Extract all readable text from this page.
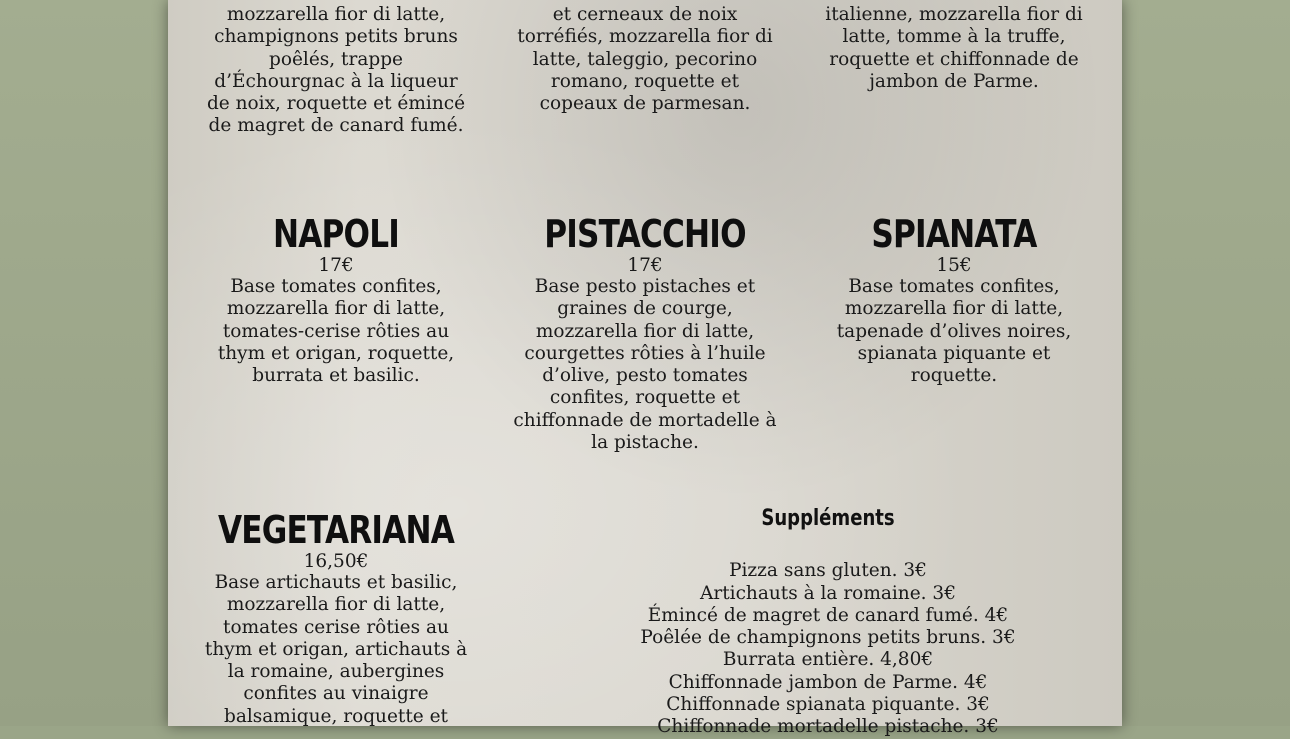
mozzarella fior di latte,
champignons petits bruns
poêlés, trappe
d’Échourgnac à la liqueur
de noix, roquette et émincé
de magret de canard fumé.

et cerneaux de noix
torréfiés, mozzarella fior di
latte, taleggio, pecorino
romano, roquette et
copeaux de parmesan.

italienne, mozzarella fior di
latte, tomme à la truffe,
roquette et chiffonnade de
jambon de Parme.

NAPOLI
17€

Base tomates confites,
mozzarella fior di latte,
tomates-cerise rôties au
thym et origan, roquette,
burrata et basilic.

PISTACCHIO
17€

Base pesto pistaches et
graines de courge,
mozzarella fior di latte,
courgettes rôties à l’huile
d’olive, pesto tomates
confites, roquette et
chiffonnade de mortadelle à
la pistache.

SPIANATA
15€

Base tomates confites,
mozzarella fior di latte,
tapenade d’olives noires,
spianata piquante et
roquette.

VEGETARIANA
16,50€

Base artichauts et basilic,
mozzarella fior di latte,
tomates cerise rôties au
thym et origan, artichauts à
la romaine, aubergines
confites au vinaigre
balsamique, roquette et

Suppléments
Pizza sans gluten. 3€
Artichauts à la romaine. 3€
Émincé de magret de canard fumé. 4€
Poêlée de champignons petits bruns. 3€
Burrata entière. 4,80€
Chiffonnade jambon de Parme. 4€
Chiffonnade spianata piquante. 3€
Chiffonnade mortadelle pistache. 3€
